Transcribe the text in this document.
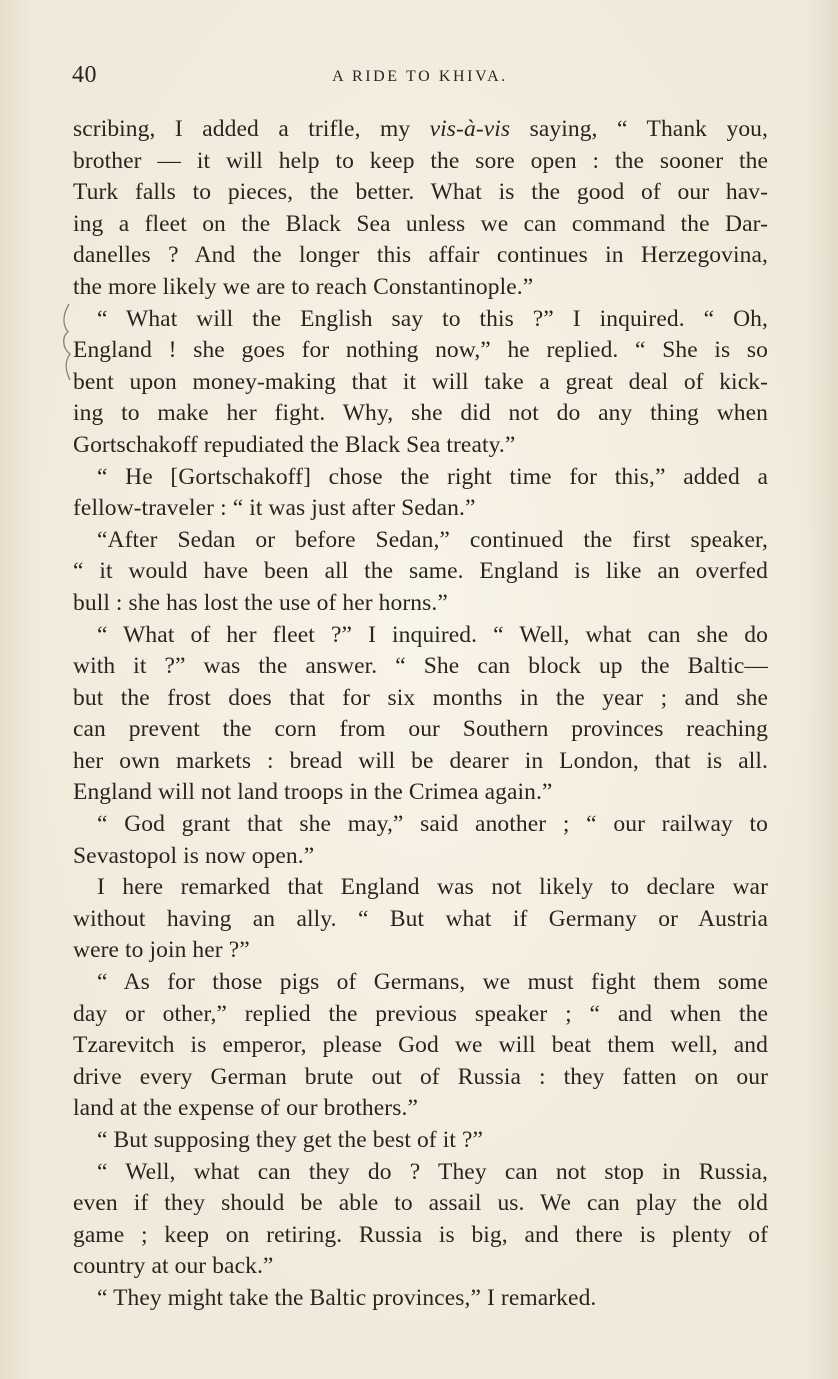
40	A RIDE TO KHIVA.
scribing, I added a trifle, my vis-à-vis saying, “ Thank you,
brother — it will help to keep the sore open : the sooner the
Turk falls to pieces, the better. What is the good of our hav-
ing a fleet on the Black Sea unless we can command the Dar-
danelles ? And the longer this affair continues in Herzegovina,
the more likely we are to reach Constantinople.”
“ What will the English say to this ?” I inquired. “ Oh,
England ! she goes for nothing now,” he replied. “ She is so
bent upon money-making that it will take a great deal of kick-
ing to make her fight. Why, she did not do any thing when
Gortschakoff repudiated the Black Sea treaty.”
“ He [Gortschakoff] chose the right time for this,” added a
fellow-traveler : “ it was just after Sedan.”
“After Sedan or before Sedan,” continued the first speaker,
“ it would have been all the same. England is like an overfed
bull : she has lost the use of her horns.”
“ What of her fleet ?” I inquired. “ Well, what can she do
with it ?” was the answer. “ She can block up the Baltic—
but the frost does that for six months in the year ; and she
can prevent the corn from our Southern provinces reaching
her own markets : bread will be dearer in London, that is all.
England will not land troops in the Crimea again.”
“ God grant that she may,” said another ; “ our railway to
Sevastopol is now open.”
I here remarked that England was not likely to declare war
without having an ally. “ But what if Germany or Austria
were to join her ?”
“ As for those pigs of Germans, we must fight them some
day or other,” replied the previous speaker ; “ and when the
Tzarevitch is emperor, please God we will beat them well, and
drive every German brute out of Russia : they fatten on our
land at the expense of our brothers.”
“ But supposing they get the best of it ?”
“ Well, what can they do ? They can not stop in Russia,
even if they should be able to assail us. We can play the old
game ; keep on retiring. Russia is big, and there is plenty of
country at our back.”
“ They might take the Baltic provinces,” I remarked.
